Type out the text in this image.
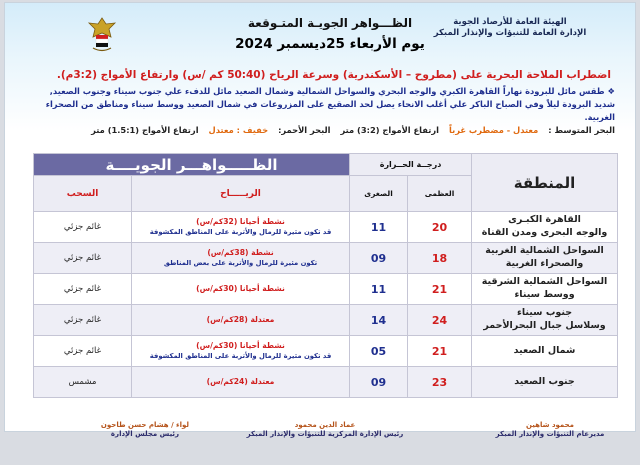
الهيئة العامة للأرصاد الجوية
الإدارة العامة للتنبؤات والإنذار المبكر
الظـــواهر الجويـة المتـوقعة
يوم الأربعاء 25ديسمبر 2024
اضطراب الملاحة البحرية على (مطروح – الأسكندرية) وسرعة الرياح (50:40 كم /س) وارتفاع الأمواج (3:2م).
❖طقس مائل للبرودة نهاراً القاهرة الكبري والوجه البحري والسواحل الشمالية وشمال الصعيد مائل للدفء علي جنوب سيناء وجنوب الصعيد,
شديد البرودة ليلاً وفي الصباح الباكر علي أغلب الانحاء يصل لحد الصقيع على المزروعات في شمال الصعيد ووسط سيناء ومناطق من الصحراء الغربية.
البحر المتوسط :
معتدل - مضطرب غرباً
ارتفاع الأمواج (3:2) متر
البحر الأحمر:
خفيف : معتدل
ارتفاع الأمواج (1.5:1) متر
المنطقة	درجــة الحــرارة		الظـــــواهـــر الجويــــة	
	العظمى	الصغرى	الريـــــاح	السحب
القاهرة الكبـرى
والوجه البحرى ومدن القناة	20	11	نشطة أحيانا (32كم/س)
قد تكون مثيرة للرمال والأتربة على المناطق المكشوفة	غائم جزئي
السواحل الشمالية الغربية
والصحراء الغربية	18	09	نشطة (38كم/س)
تكون مثيرة للرمال والأتربة على بعض المناطق	غائم جزئي
السواحل الشمالية الشرقية
ووسط سيناء	21	11	نشطة أحيانا (30كم/س)	غائم جزئي
جنوب سيناء
وسلاسل جبال البحرالأحمر	24	14	معتدلة (28كم/س)	غائم جزئي
شمال الصعيد	21	05	نشطة أحيانا (30كم/س)
قد تكون مثيرة للرمال والأتربة على المناطق المكشوفة	غائم جزئي
جنوب الصعيد	23	09	معتدلة (24كم/س)	مشمس
محمود شاهين
مديرعام التنبؤات والإنذار المبكر
عماد الدين محمود
رئيس الإدارة المركزية للتنبؤات والإنذار المبكر
لواء / هشام حسن طاحون
رئيس مجلس الإدارة
